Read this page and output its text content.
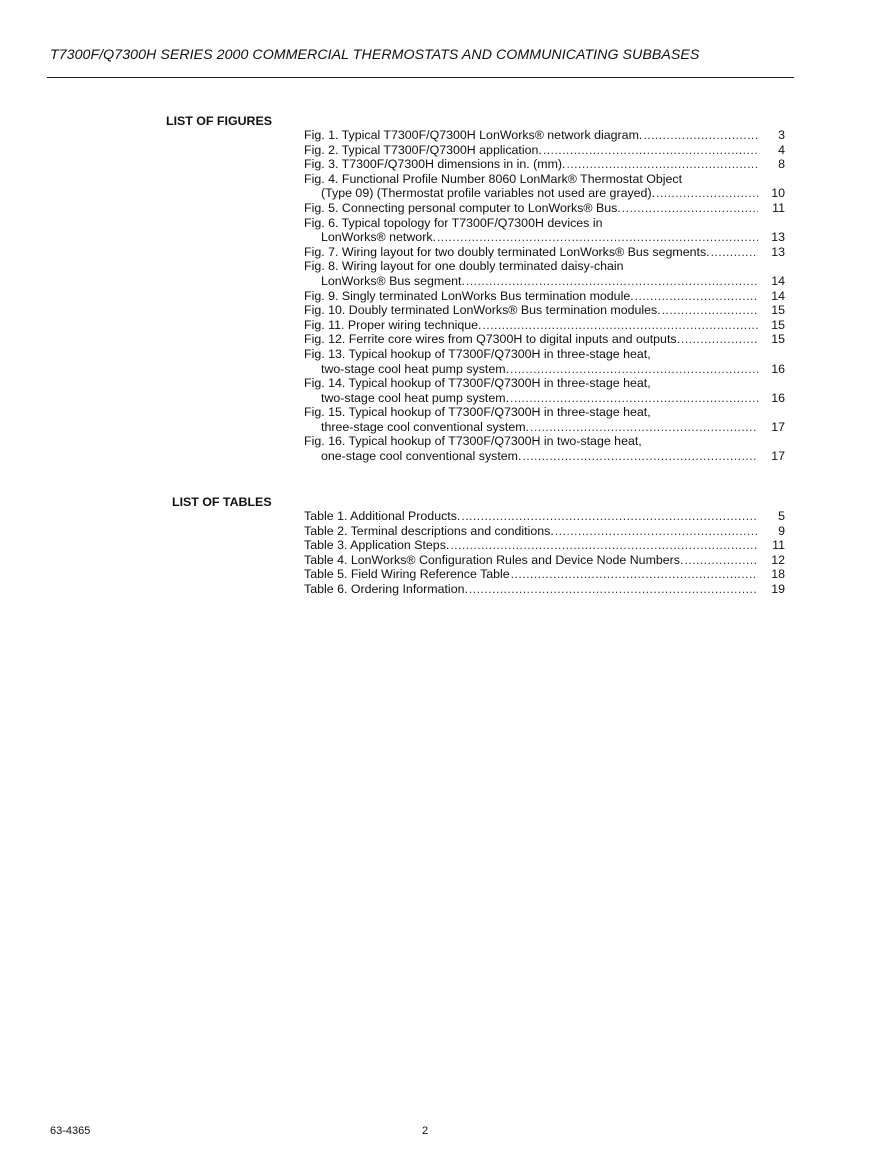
T7300F/Q7300H SERIES 2000 COMMERCIAL THERMOSTATS AND COMMUNICATING SUBBASES
LIST OF FIGURES
Fig. 1. Typical T7300F/Q7300H LonWorks® network diagram. .....	3
Fig. 2. Typical T7300F/Q7300H application. .....	4
Fig. 3. T7300F/Q7300H dimensions in in. (mm). .....	8
Fig. 4. Functional Profile Number 8060 LonMark® Thermostat Object
(Type 09) (Thermostat profile variables not used are grayed). .....	10
Fig. 5. Connecting personal computer to LonWorks® Bus. .....	11
Fig. 6. Typical topology for T7300F/Q7300H devices in
LonWorks® network. .....	13
Fig. 7. Wiring layout for two doubly terminated LonWorks® Bus segments. .....	13
Fig. 8. Wiring layout for one doubly terminated daisy-chain
LonWorks® Bus segment. .....	14
Fig. 9. Singly terminated LonWorks Bus termination module. .....	14
Fig. 10. Doubly terminated LonWorks® Bus termination modules. .....	15
Fig. 11. Proper wiring technique. .....	15
Fig. 12. Ferrite core wires from Q7300H to digital inputs and outputs. .....	15
Fig. 13. Typical hookup of T7300F/Q7300H in three-stage heat,
two-stage cool heat pump system. .....	16
Fig. 14. Typical hookup of T7300F/Q7300H in three-stage heat,
two-stage cool heat pump system. .....	16
Fig. 15. Typical hookup of T7300F/Q7300H in three-stage heat,
three-stage cool conventional system. .....	17
Fig. 16. Typical hookup of T7300F/Q7300H in two-stage heat,
one-stage cool conventional system. .....	17
LIST OF TABLES
Table 1. Additional Products. .....	5
Table 2. Terminal descriptions and conditions. .....	9
Table 3. Application Steps. .....	11
Table 4. LonWorks® Configuration Rules and Device Node Numbers. .....	12
Table 5. Field Wiring Reference Table .....	18
Table 6. Ordering Information. .....	19
63-4365	2
